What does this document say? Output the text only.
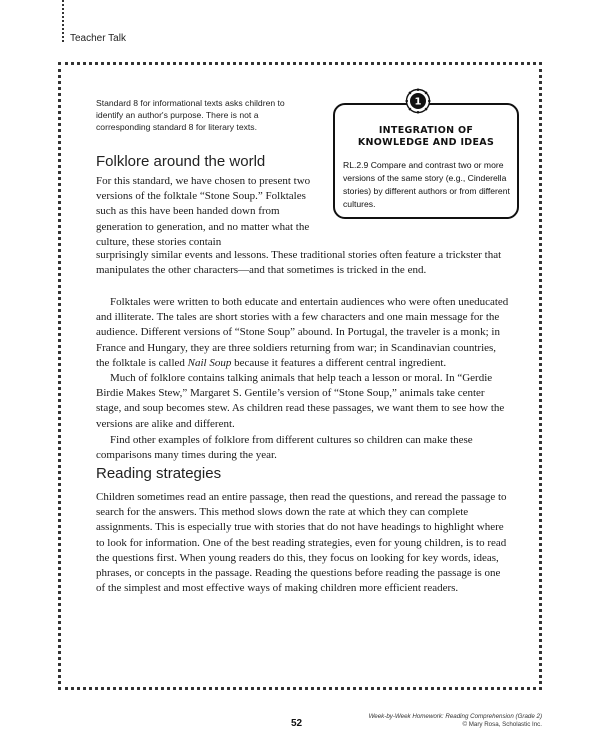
Teacher Talk
Standard 8 for informational texts asks children to identify an author's purpose. There is not a corresponding standard 8 for literary texts.	INTEGRATION OF
KNOWLEDGE AND IDEAS
RL.2.9 Compare and contrast two or more versions of the same story (e.g., Cinderella stories) by different authors or from different cultures.
1
Folklore around the world

For this standard, we have chosen to present two versions of the folktale “Stone Soup.” Folktales such as this have been handed down from generation to generation, and no matter what the culture, these stories contain

surprisingly similar events and lessons. These traditional stories often feature a trickster that manipulates the other characters—and that sometimes is tricked in the end.

Folktales were written to both educate and entertain audiences who were often uneducated and illiterate. The tales are short stories with a few characters and one main message for the audience. Different versions of “Stone Soup” abound. In Portugal, the traveler is a monk; in France and Hungary, they are three soldiers returning from war; in Scandinavian countries, the folktale is called Nail Soup because it features a different central ingredient.

Much of folklore contains talking animals that help teach a lesson or moral. In “Gerdie Birdie Makes Stew,” Margaret S. Gentile’s version of “Stone Soup,” animals take center stage, and soup becomes stew. As children read these passages, we want them to see how the versions are alike and different.

Find other examples of folklore from different cultures so children can make these comparisons many times during the year.

Reading strategies

Children sometimes read an entire passage, then read the questions, and reread the passage to search for the answers. This method slows down the rate at which they can complete assignments. This is especially true with stories that do not have headings to highlight where to look for information. One of the best reading strategies, even for young children, is to read the questions first. When young readers do this, they focus on looking for key words, ideas, phrases, or concepts in the passage. Reading the questions before reading the passage is one of the simplest and most effective ways of making children more efficient readers.

52
Week-by-Week Homework: Reading Comprehension (Grade 2)
© Mary Rosa, Scholastic Inc.
